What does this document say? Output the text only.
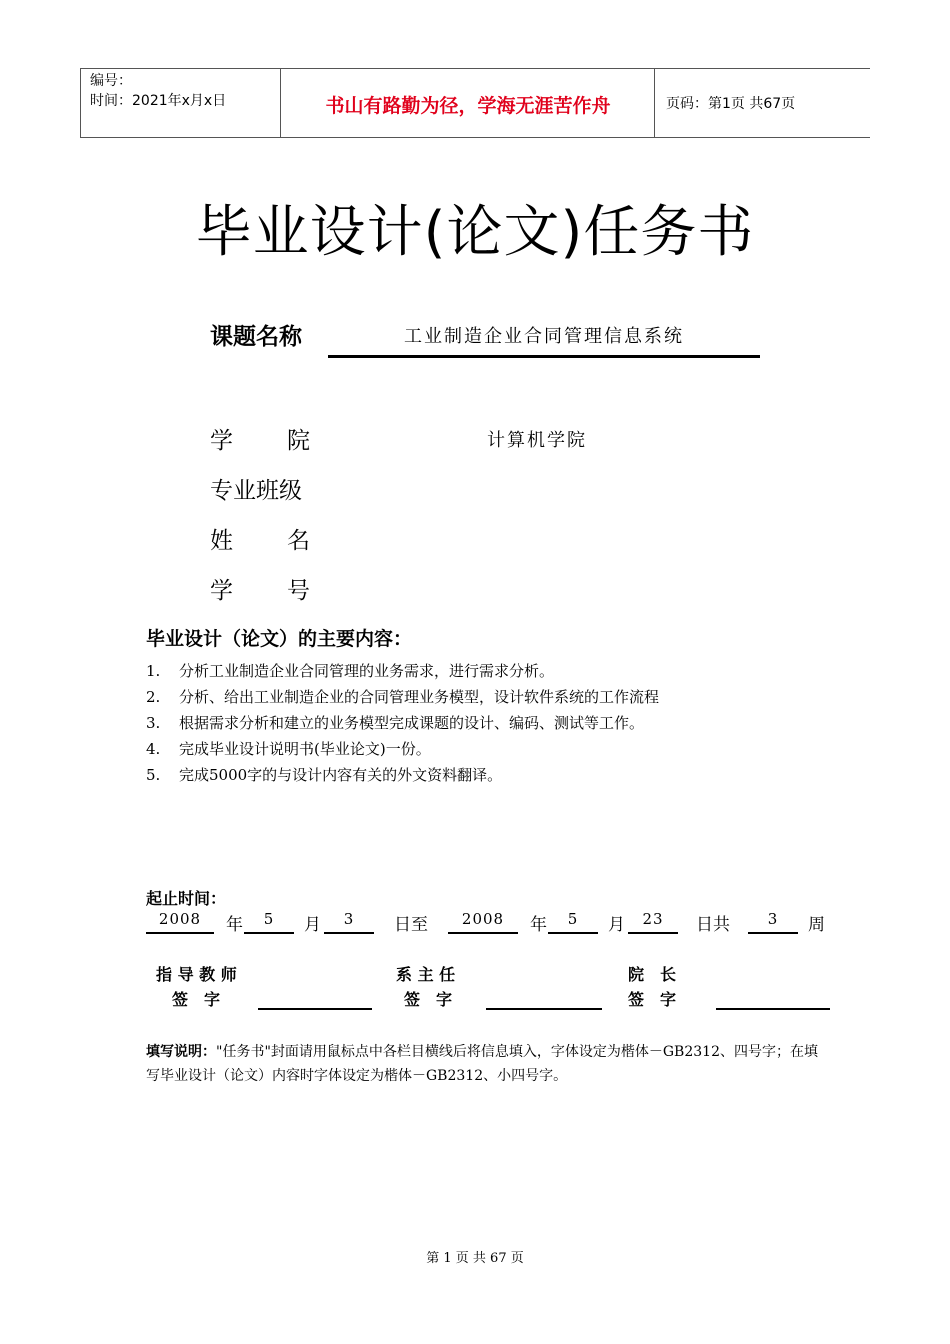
编号：
时间：2021年x月x日	书山有路勤为径，学海无涯苦作舟	页码：第1页 共67页
毕业设计(论文)任务书
课题名称	工业制造企业合同管理信息系统
学 院	计算机学院
专业班级
姓 名
学 号
毕业设计（论文）的主要内容：
1. 分析工业制造企业合同管理的业务需求，进行需求分析。
2. 分析、给出工业制造企业的合同管理业务模型，设计软件系统的工作流程
3. 根据需求分析和建立的业务模型完成课题的设计、编码、测试等工作。
4. 完成毕业设计说明书(毕业论文)一份。
5. 完成5000字的与设计内容有关的外文资料翻译。
起止时间：
2008	年	5	月	3	日至	2008	年	5	月	23	日共	3	周
指 导 教 师
签　字
系 主 任
签　字
院　长
签　字
填写说明："任务书"封面请用鼠标点中各栏目横线后将信息填入，字体设定为楷体－GB2312、四号字；在填写毕业设计（论文）内容时字体设定为楷体－GB2312、小四号字。
第 1 页 共 67 页
